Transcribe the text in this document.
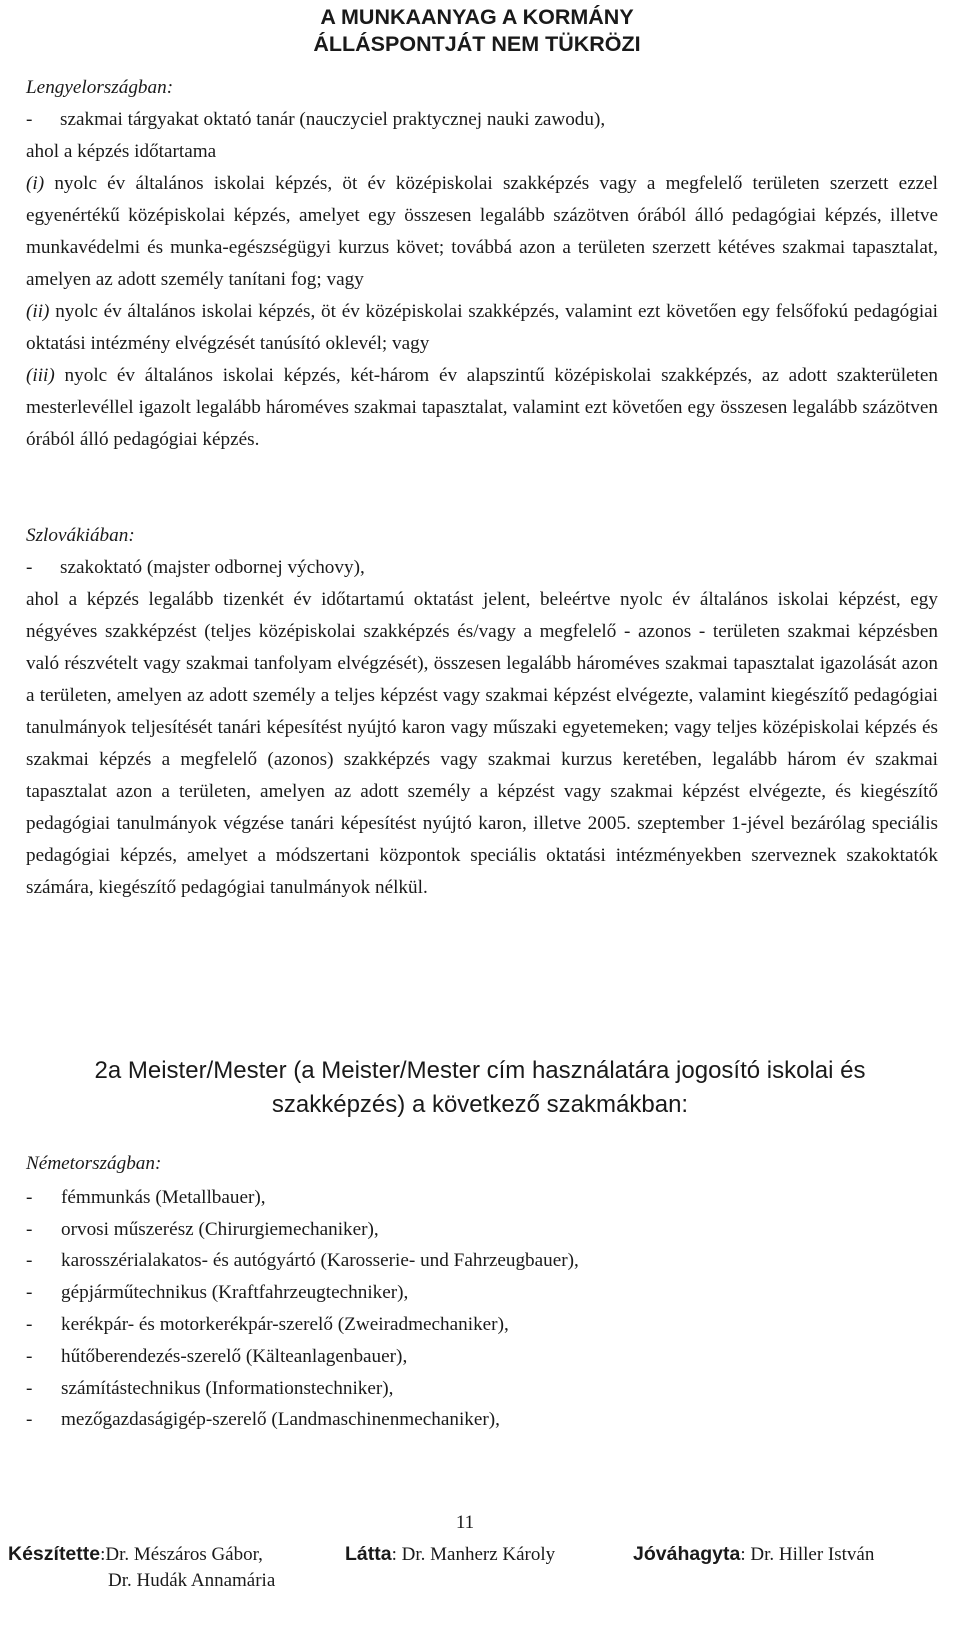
A MUNKAANYAG A KORMÁNY
ÁLLÁSPONTJÁT NEM TÜKRÖZI

Lengyelországban:

- szakmai tárgyakat oktató tanár (nauczyciel praktycznej nauki zawodu),

ahol a képzés időtartama

(i) nyolc év általános iskolai képzés, öt év középiskolai szakképzés vagy a megfelelő területen szerzett ezzel egyenértékű középiskolai képzés, amelyet egy összesen legalább százötven órából álló pedagógiai képzés, illetve munkavédelmi és munka-egészségügyi kurzus követ; továbbá azon a területen szerzett kétéves szakmai tapasztalat, amelyen az adott személy tanítani fog; vagy

(ii) nyolc év általános iskolai képzés, öt év középiskolai szakképzés, valamint ezt követően egy felsőfokú pedagógiai oktatási intézmény elvégzését tanúsító oklevél; vagy

(iii) nyolc év általános iskolai képzés, két-három év alapszintű középiskolai szakképzés, az adott szakterületen mesterlevéllel igazolt legalább hároméves szakmai tapasztalat, valamint ezt követően egy összesen legalább százötven órából álló pedagógiai képzés.

Szlovákiában:

- szakoktató (majster odbornej výchovy),

ahol a képzés legalább tizenkét év időtartamú oktatást jelent, beleértve nyolc év általános iskolai képzést, egy négyéves szakképzést (teljes középiskolai szakképzés és/vagy a megfelelő - azonos - területen szakmai képzésben való részvételt vagy szakmai tanfolyam elvégzését), összesen legalább hároméves szakmai tapasztalat igazolását azon a területen, amelyen az adott személy a teljes képzést vagy szakmai képzést elvégezte, valamint kiegészítő pedagógiai tanulmányok teljesítését tanári képesítést nyújtó karon vagy műszaki egyetemeken; vagy teljes középiskolai képzés és szakmai képzés a megfelelő (azonos) szakképzés vagy szakmai kurzus keretében, legalább három év szakmai tapasztalat azon a területen, amelyen az adott személy a képzést vagy szakmai képzést elvégezte, és kiegészítő pedagógiai tanulmányok végzése tanári képesítést nyújtó karon, illetve 2005. szeptember 1-jével bezárólag speciális pedagógiai képzés, amelyet a módszertani központok speciális oktatási intézményekben szerveznek szakoktatók számára, kiegészítő pedagógiai tanulmányok nélkül.

2a Meister/Mester (a Meister/Mester cím használatára jogosító iskolai és
szakképzés) a következő szakmákban:
Németországban:
-	fémmunkás (Metallbauer),
-	orvosi műszerész (Chirurgiemechaniker),
-	karosszérialakatos- és autógyártó (Karosserie- und Fahrzeugbauer),
-	gépjárműtechnikus (Kraftfahrzeugtechniker),
-	kerékpár- és motorkerékpár-szerelő (Zweiradmechaniker),
-	hűtőberendezés-szerelő (Kälteanlagenbauer),
-	számítástechnikus (Informationstechniker),
-	mezőgazdaságigép-szerelő (Landmaschinenmechaniker),
11
Készítette:Dr. Mészáros Gábor,
Dr. Hudák Annamária
Látta: Dr. Manherz Károly	Jóváhagyta: Dr. Hiller István
